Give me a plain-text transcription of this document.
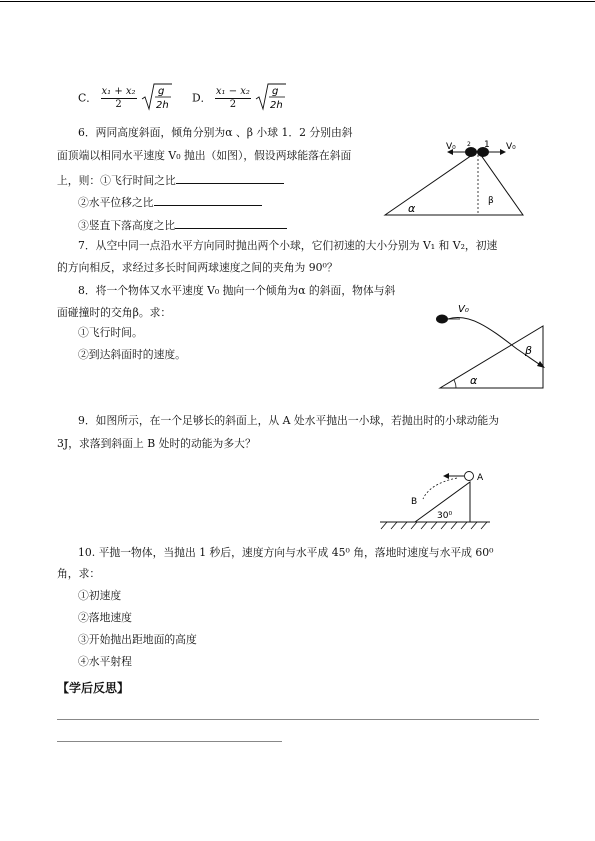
C． $\frac{\text{x₁ + x₂}}{2}$
g
2h
D． $\frac{\text{x₁ − x₂}}{2}$
g
2h
6．两同高度斜面，倾角分别为α 、β 小球 1．2 分别由斜
面顶端以相同水平速度 V₀ 抛出（如图），假设两球能落在斜面
上，则：①飞行时间之比
②水平位移之比
③竖直下落高度之比
V₀ 2 1 V₀
α
β
7．从空中同一点沿水平方向同时抛出两个小球，它们初速的大小分别为 V₁ 和 V₂，初速
的方向相反，求经过多长时间两球速度之间的夹角为 90⁰？
8．将一个物体又水平速度 V₀ 抛向一个倾角为α 的斜面，物体与斜
面碰撞时的交角β。求：
①飞行时间。
②到达斜面时的速度。
V₀
β
α
9．如图所示，在一个足够长的斜面上，从 A 处水平抛出一小球，若抛出时的小球动能为
3J，求落到斜面上 B 处时的动能为多大？
A
B
30⁰
10. 平抛一物体，当抛出 1 秒后，速度方向与水平成 45⁰ 角，落地时速度与水平成 60⁰
角，求：
①初速度
②落地速度
③开始抛出距地面的高度
④水平射程
【学后反思】
